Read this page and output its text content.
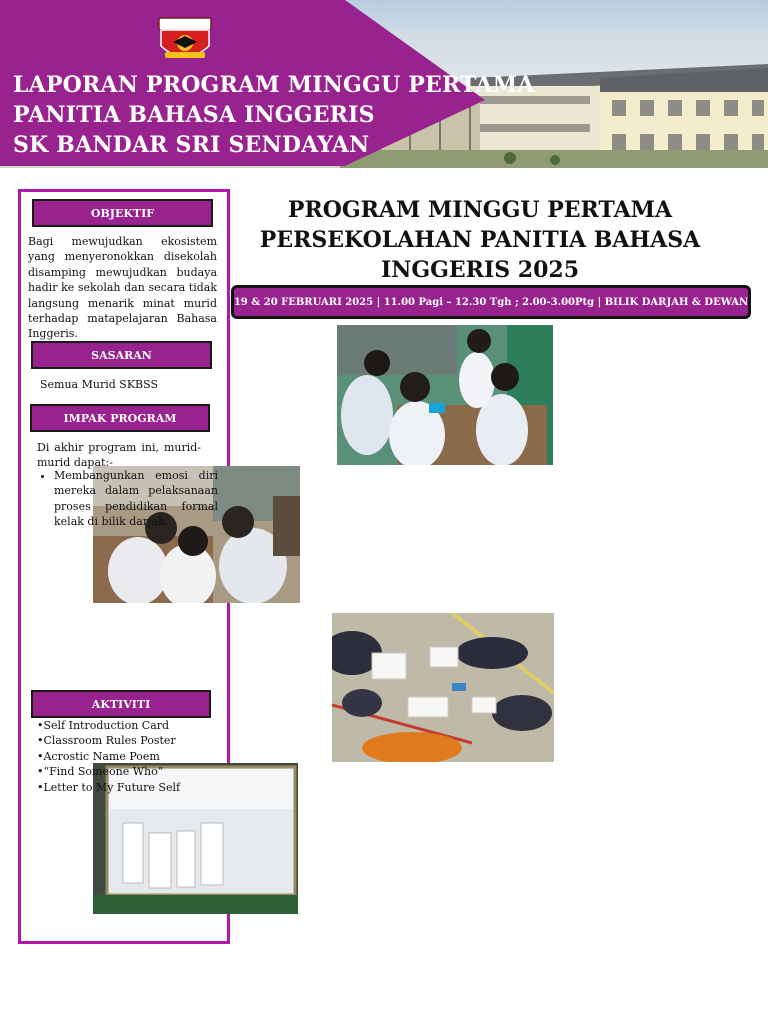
LAPORAN PROGRAM MINGGU PERTAMA
PANITIA BAHASA INGGERIS
SK BANDAR SRI SENDAYAN
OBJEKTIF
Bagi mewujudkan ekosistem yang menyeronokkan disekolah disamping mewujudkan budaya hadir ke sekolah dan secara tidak langsung menarik minat murid terhadap matapelajaran Bahasa Inggeris.
SASARAN
Semua Murid SKBSS
IMPAK PROGRAM
Di akhir program ini, murid-murid dapat:-
• Membangunkan emosi diri mereka dalam pelaksanaan proses pendidikan formal kelak di bilik darjah.
AKTIVITI
•Self Introduction Card
•Classroom Rules Poster
•Acrostic Name Poem
•“Find Someone Who”
•Letter to My Future Self
PROGRAM MINGGU PERTAMA PERSEKOLAHAN PANITIA BAHASA INGGERIS 2025
19 & 20 FEBRUARI 2025 | 11.00 Pagi – 12.30 Tgh ; 2.00-3.00Ptg | BILIK DARJAH & DEWAN
